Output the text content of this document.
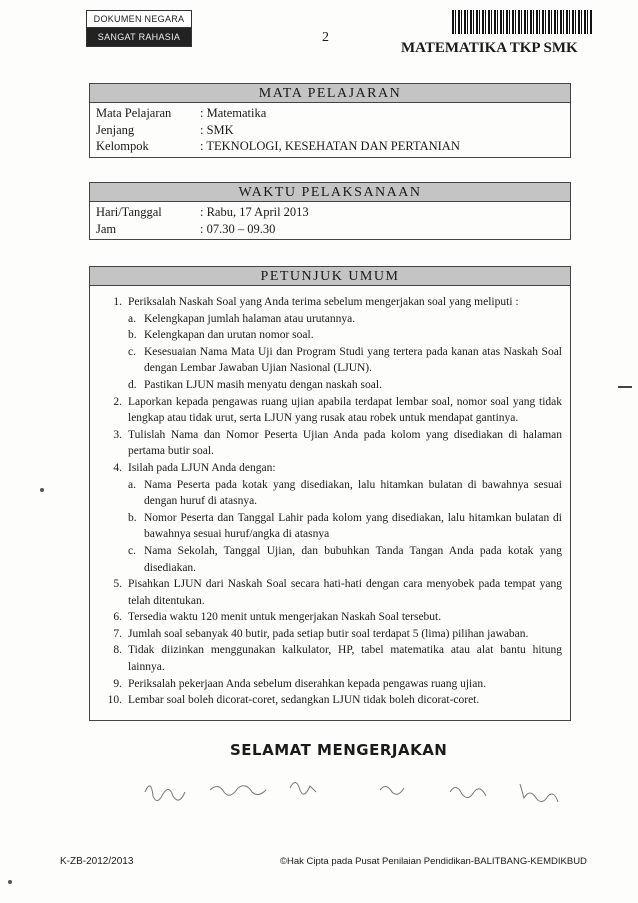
DOKUMEN NEGARA
SANGAT RAHASIA	2
MATEMATIKA TKP SMK
MATA PELAJARAN
Mata Pelajaran	: Matematika
Jenjang	: SMK
Kelompok	: TEKNOLOGI, KESEHATAN DAN PERTANIAN
WAKTU PELAKSANAAN
Hari/Tanggal	: Rabu, 17 April 2013
Jam	: 07.30 – 09.30
PETUNJUK UMUM
1. Periksalah Naskah Soal yang Anda terima sebelum mengerjakan soal yang meliputi :
a. Kelengkapan jumlah halaman atau urutannya.
b. Kelengkapan dan urutan nomor soal.
c. Kesesuaian Nama Mata Uji dan Program Studi yang tertera pada kanan atas Naskah Soal dengan Lembar Jawaban Ujian Nasional (LJUN).
d. Pastikan LJUN masih menyatu dengan naskah soal.
2. Laporkan kepada pengawas ruang ujian apabila terdapat lembar soal, nomor soal yang tidak lengkap atau tidak urut, serta LJUN yang rusak atau robek untuk mendapat gantinya.
3. Tulislah Nama dan Nomor Peserta Ujian Anda pada kolom yang disediakan di halaman pertama butir soal.
4. Isilah pada LJUN Anda dengan:
a. Nama Peserta pada kotak yang disediakan, lalu hitamkan bulatan di bawahnya sesuai dengan huruf di atasnya.
b. Nomor Peserta dan Tanggal Lahir pada kolom yang disediakan, lalu hitamkan bulatan di bawahnya sesuai huruf/angka di atasnya
c. Nama Sekolah, Tanggal Ujian, dan bubuhkan Tanda Tangan Anda pada kotak yang disediakan.
5. Pisahkan LJUN dari Naskah Soal secara hati-hati dengan cara menyobek pada tempat yang telah ditentukan.
6. Tersedia waktu 120 menit untuk mengerjakan Naskah Soal tersebut.
7. Jumlah soal sebanyak 40 butir, pada setiap butir soal terdapat 5 (lima) pilihan jawaban.
8. Tidak diizinkan menggunakan kalkulator, HP, tabel matematika atau alat bantu hitung lainnya.
9. Periksalah pekerjaan Anda sebelum diserahkan kepada pengawas ruang ujian.
10. Lembar soal boleh dicorat-coret, sedangkan LJUN tidak boleh dicorat-coret.
SELAMAT MENGERJAKAN
K-ZB-2012/2013	©Hak Cipta pada Pusat Penilaian Pendidikan-BALITBANG-KEMDIKBUD
